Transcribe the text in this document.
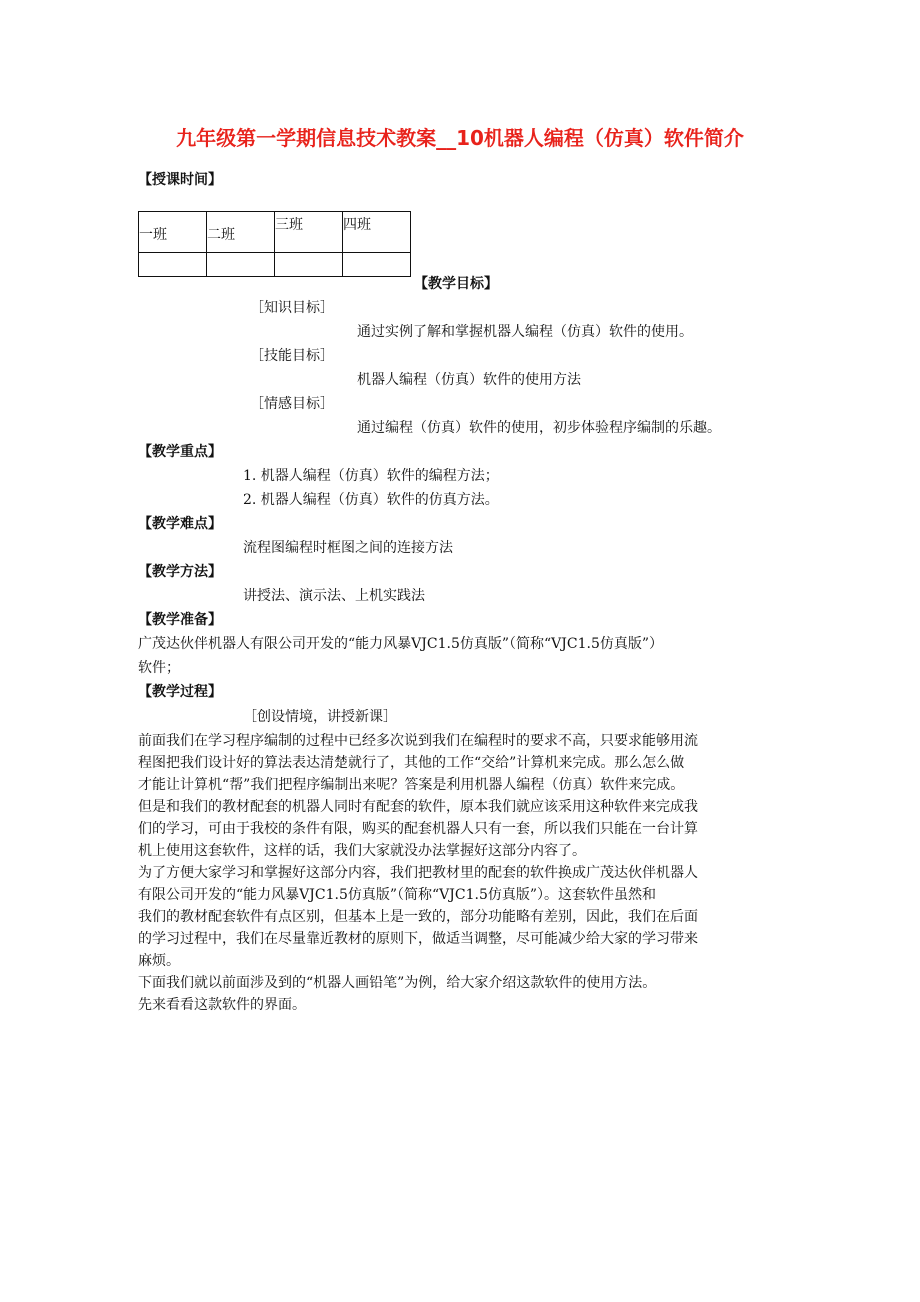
九年级第一学期信息技术教案__10机器人编程（仿真）软件简介
【授课时间】
一班	二班	三班	四班

【教学目标】
［知识目标］
通过实例了解和掌握机器人编程（仿真）软件的使用。
［技能目标］
机器人编程（仿真）软件的使用方法
［情感目标］
通过编程（仿真）软件的使用，初步体验程序编制的乐趣。
【教学重点】
1. 机器人编程（仿真）软件的编程方法；
2. 机器人编程（仿真）软件的仿真方法。
【教学难点】
流程图编程时框图之间的连接方法
【教学方法】
讲授法、演示法、上机实践法
【教学准备】
广茂达伙伴机器人有限公司开发的“能力风暴VJC1.5仿真版”（简称“VJC1.5仿真版”）
软件；
【教学过程】
［创设情境，讲授新课］
前面我们在学习程序编制的过程中已经多次说到我们在编程时的要求不高，只要求能够用流
程图把我们设计好的算法表达清楚就行了，其他的工作“交给”计算机来完成。那么怎么做
才能让计算机“帮”我们把程序编制出来呢？答案是利用机器人编程（仿真）软件来完成。
但是和我们的教材配套的机器人同时有配套的软件，原本我们就应该采用这种软件来完成我
们的学习，可由于我校的条件有限，购买的配套机器人只有一套，所以我们只能在一台计算
机上使用这套软件，这样的话，我们大家就没办法掌握好这部分内容了。
为了方便大家学习和掌握好这部分内容，我们把教材里的配套的软件换成广茂达伙伴机器人
有限公司开发的“能力风暴VJC1.5仿真版”（简称“VJC1.5仿真版”）。这套软件虽然和
我们的教材配套软件有点区别，但基本上是一致的，部分功能略有差别，因此，我们在后面
的学习过程中，我们在尽量靠近教材的原则下，做适当调整，尽可能减少给大家的学习带来
麻烦。
下面我们就以前面涉及到的“机器人画铅笔”为例，给大家介绍这款软件的使用方法。
先来看看这款软件的界面。
